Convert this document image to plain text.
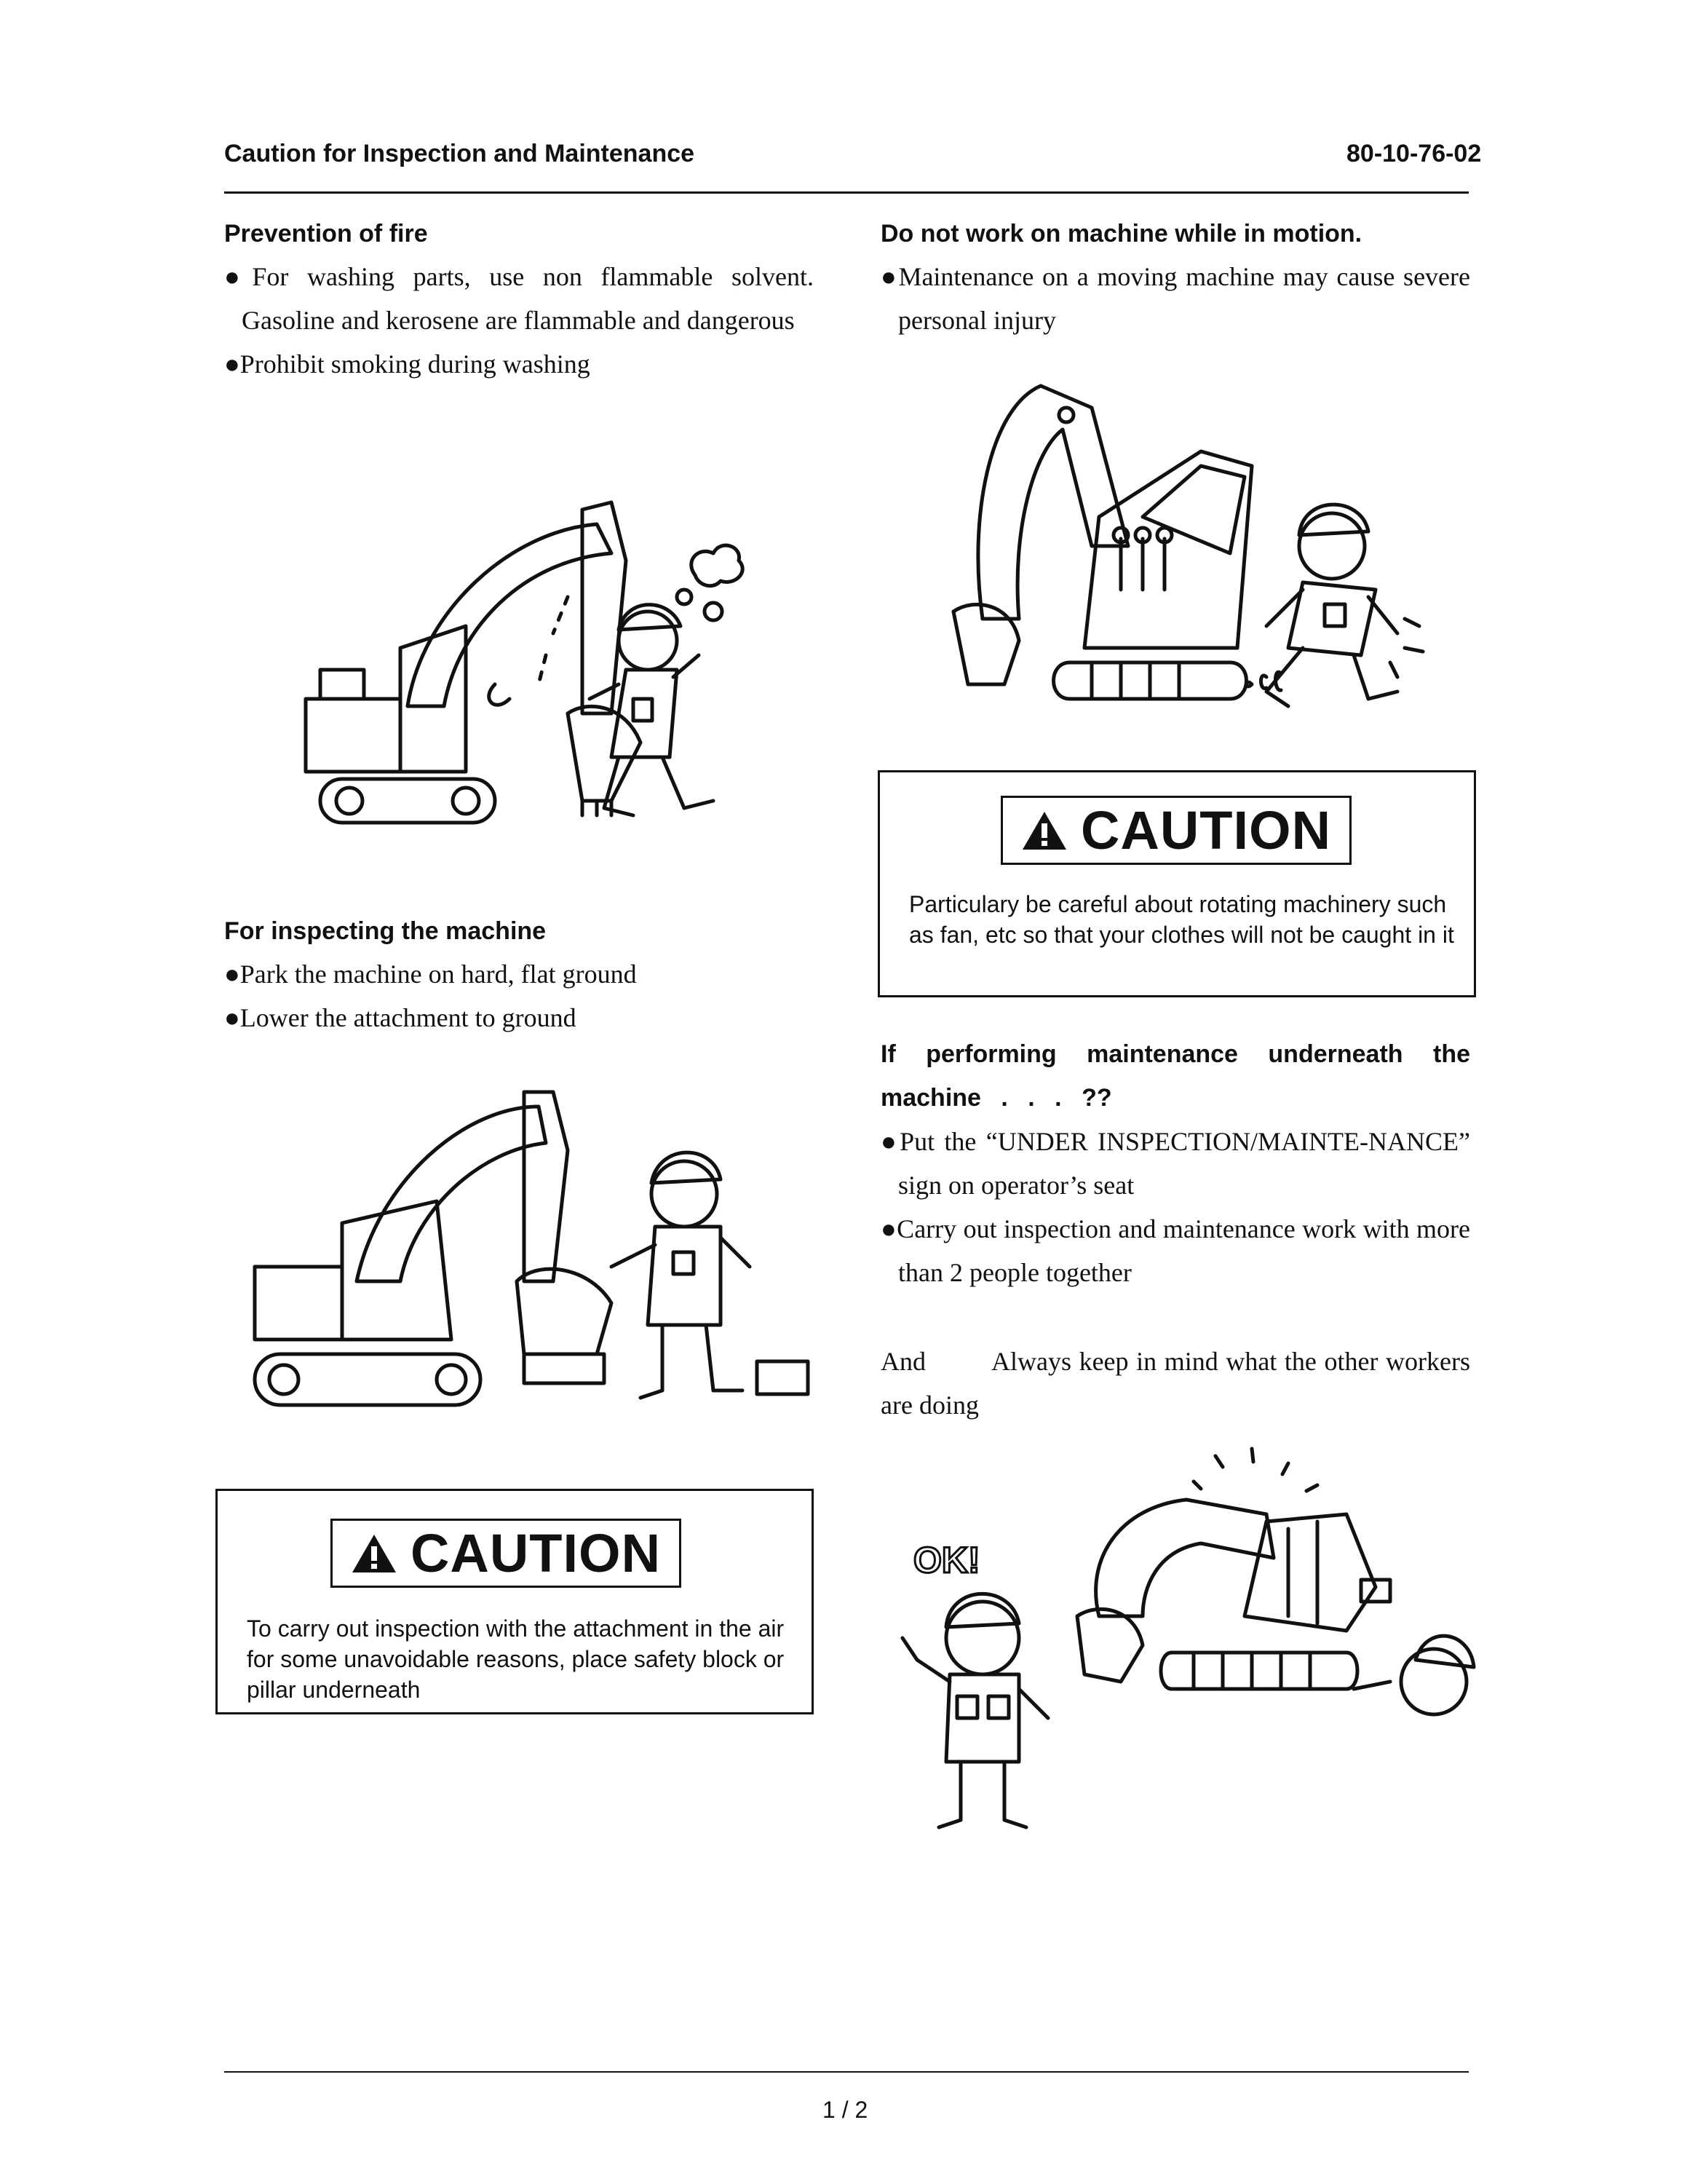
Caution for Inspection and Maintenance	80-10-76-02
Prevention of fire

●For washing parts, use non flammable solvent. Gasoline and kerosene are flammable and dangerous

●Prohibit smoking during washing

For inspecting the machine

●Park the machine on hard, flat ground

●Lower the attachment to ground

CAUTION
To carry out inspection with the attachment in the air for some unavoidable reasons, place safety block or pillar underneath
Do not work on machine while in motion.

●Maintenance on a moving machine may cause severe personal injury

CAUTION
Particulary be careful about rotating machinery such as fan, etc so that your clothes will not be caught in it
If performing maintenance underneath the machine . . . ??

●Put the “UNDER INSPECTION/MAINTE-NANCE” sign on operator’s seat

●Carry out inspection and maintenance work with more than 2 people together

And	Always keep in mind what the other workers are doing
OK!
1 / 2
